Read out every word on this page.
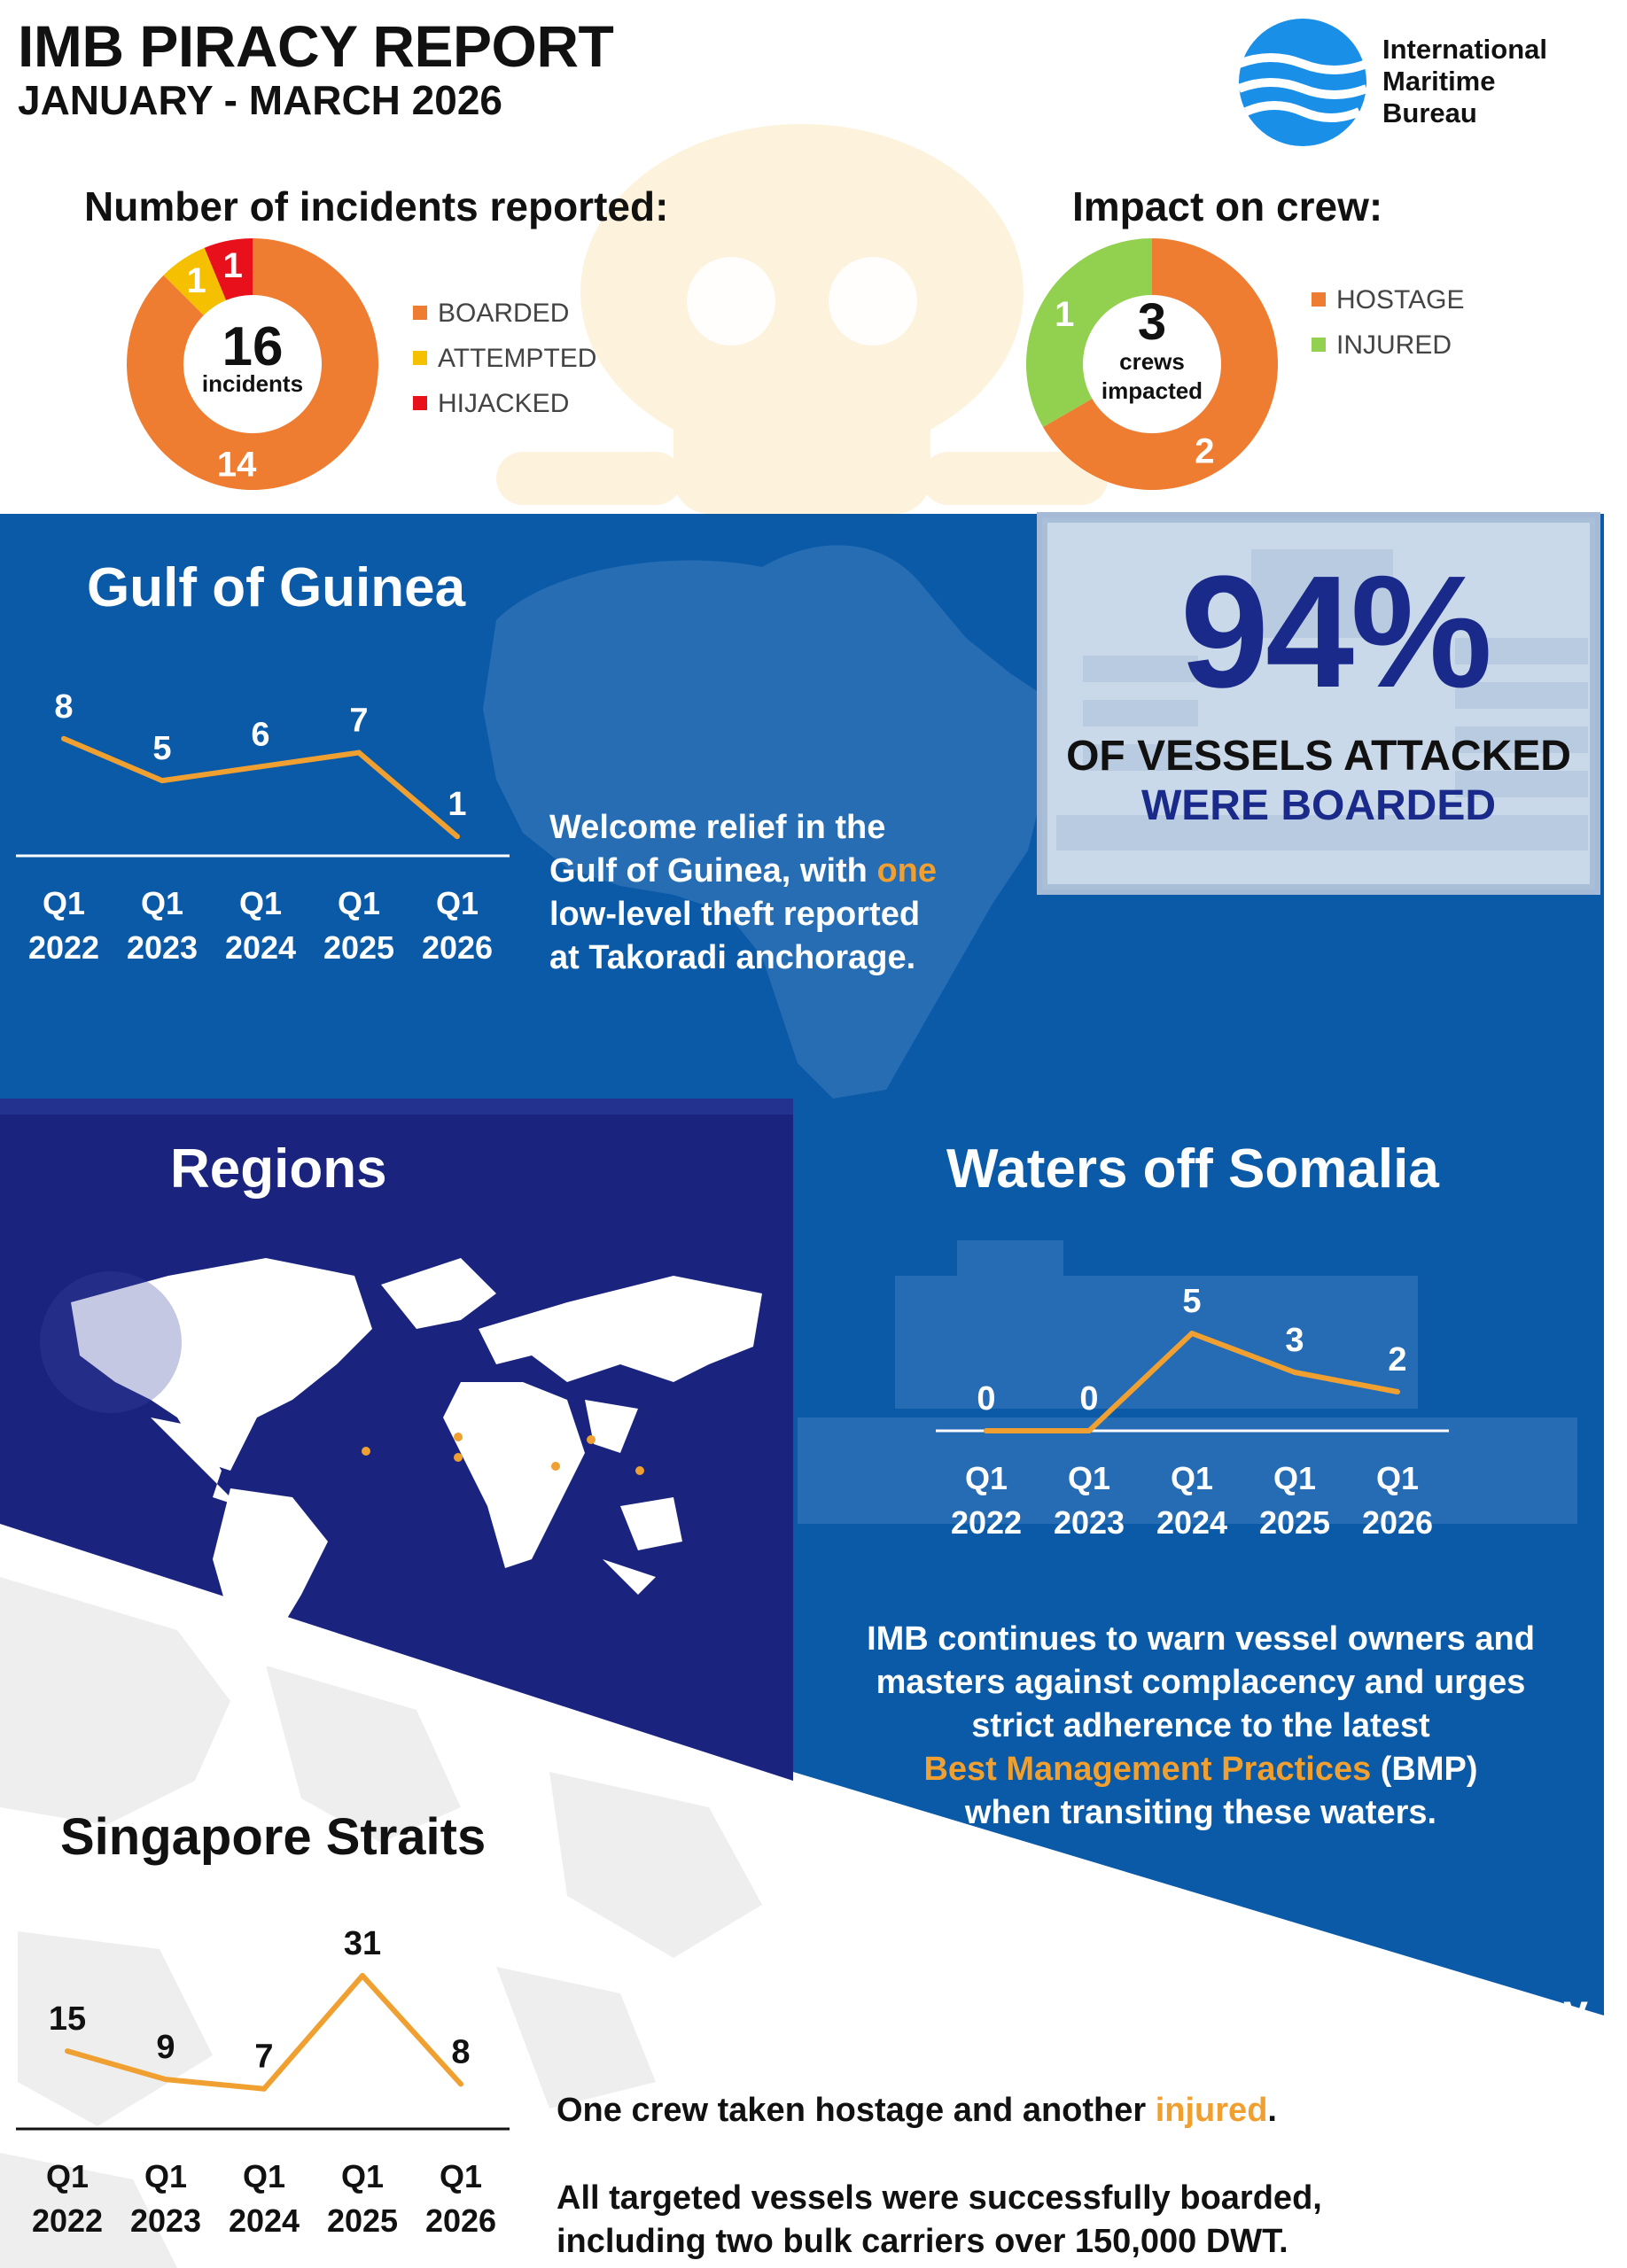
IMB PIRACY REPORT
JANUARY - MARCH 2026
International
Maritime
Bureau
Number of incidents reported:
14
1 1
16
incidents
BOARDED
ATTEMPTED
HIJACKED
Impact on crew:
2
1	3
crews
impacted
HOSTAGE
INJURED
Gulf of Guinea
8
Q1
2022
5
Q1
2023
6
Q1
2024
7
Q1
2025
1
Q1
2026
Welcome relief in the
Gulf of Guinea, with one
low-level theft reported
at Takoradi anchorage.
94%
OF VESSELS ATTACKED
WERE BOARDED
Regions	Waters off Somalia
0
Q1
2022
0
Q1
2023
5
Q1
2024
3
Q1
2025
2
Q1
2026
IMB continues to warn vessel owners and
masters against complacency and urges
strict adherence to the latest
Best Management Practices (BMP)
when transiting these waters.
Singapore Straits
15
Q1
2022
9
Q1
2023
7
Q1
2024
31
Q1
2025
8
Q1
2026
@IMB_Piracy
#IMBpiracy
One crew taken hostage and another injured.
All targeted vessels were successfully boarded,
including two bulk carriers over 150,000 DWT.
